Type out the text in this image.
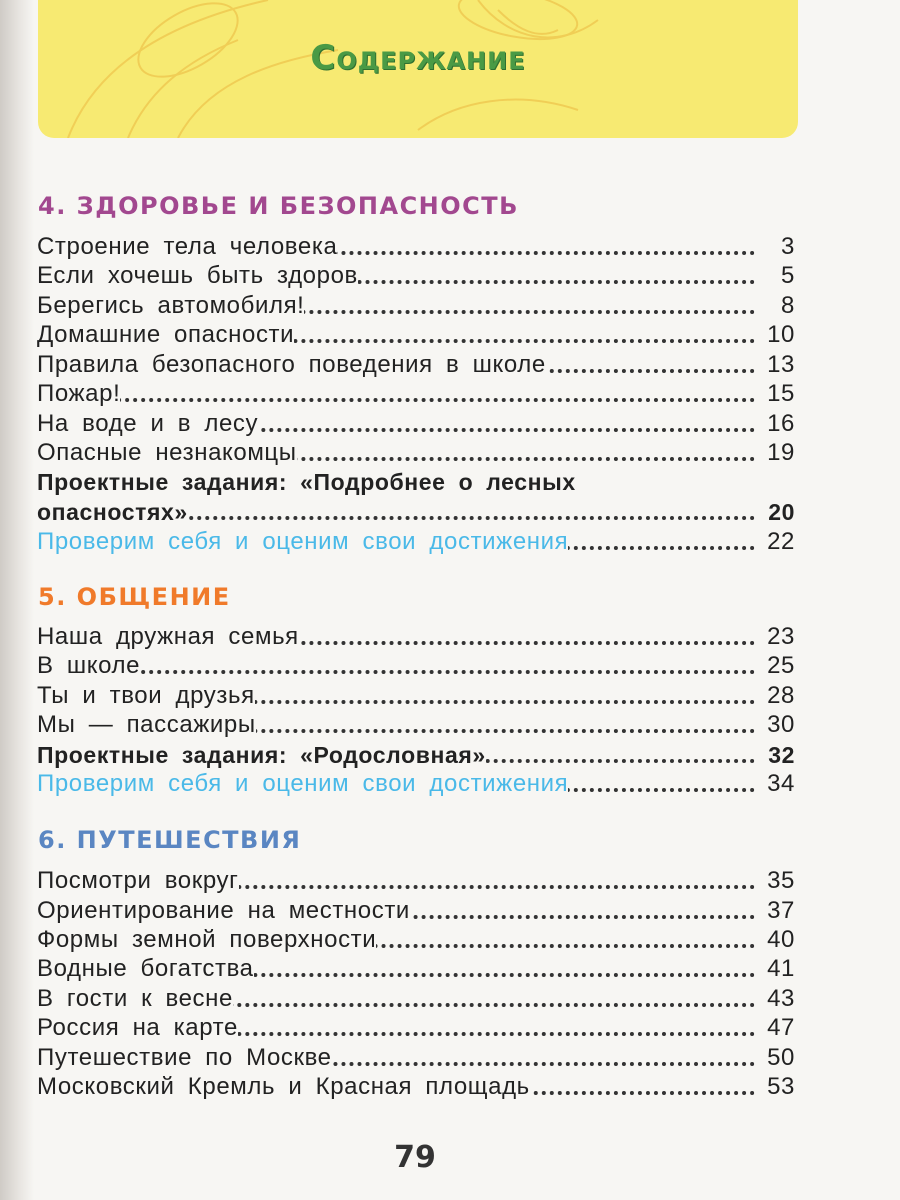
Содержание
4. ЗДОРОВЬЕ И БЕЗОПАСНОСТЬ
Строение тела человека	3
Если хочешь быть здоров	5
Берегись автомобиля!	8
Домашние опасности	10
Правила безопасного поведения в школе	13
Пожар!	15
На воде и в лесу	16
Опасные незнакомцы	19
Проектные задания: «Подробнее о лесных
опасностях»	20
Проверим себя и оценим свои достижения	22
5. ОБЩЕНИЕ
Наша дружная семья	23
В школе	25
Ты и твои друзья	28
Мы — пассажиры	30
Проектные задания: «Родословная»	32
Проверим себя и оценим свои достижения	34
6. ПУТЕШЕСТВИЯ
Посмотри вокруг	35
Ориентирование на местности	37
Формы земной поверхности	40
Водные богатства	41
В гости к весне	43
Россия на карте	47
Путешествие по Москве	50
Московский Кремль и Красная площадь	53
79
